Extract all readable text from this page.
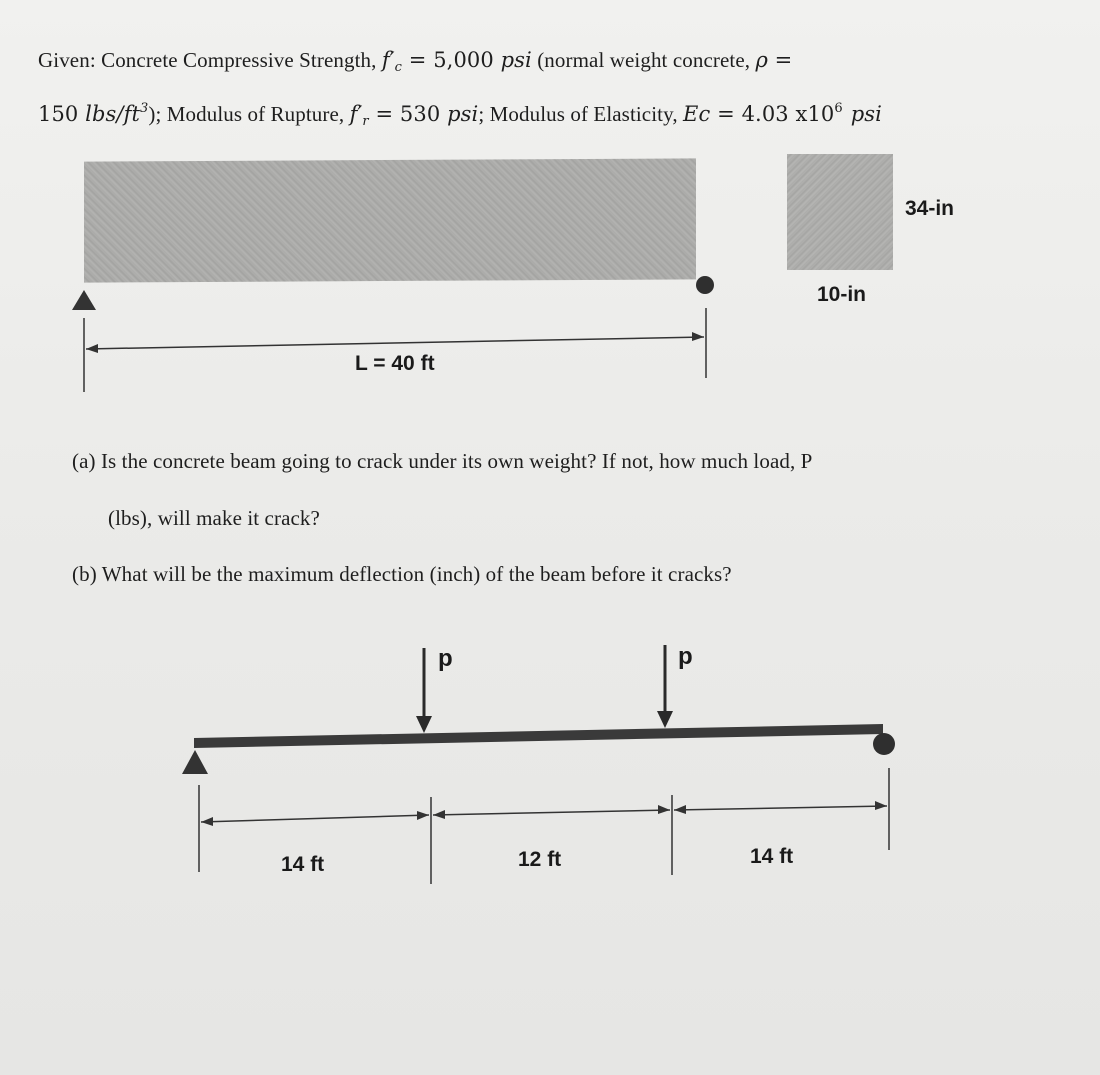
Given: Concrete Compressive Strength, $f'_c = 5,000$ psi (normal weight concrete, ρ =
150 lbs/$ft^3$); Modulus of Rupture, $f'_r = 530$ psi; Modulus of Elasticity, Ec = 4.03 $x10^6$ psi
L = 40 ft
34-in
10-in
(a) Is the concrete beam going to crack under its own weight? If not, how much load, P
(lbs), will make it crack?
(b) What will be the maximum deflection (inch) of the beam before it cracks?
p	p
14 ft	12 ft	14 ft
